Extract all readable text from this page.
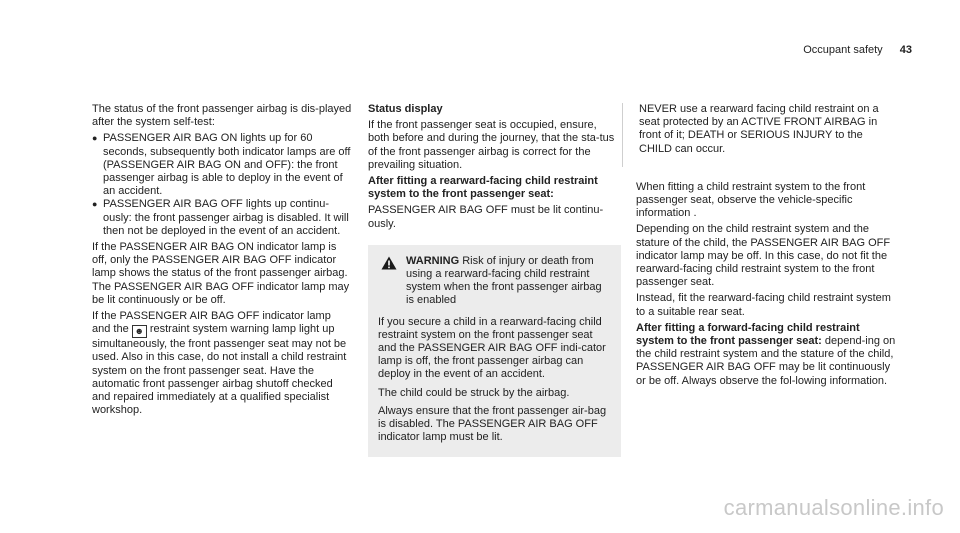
Occupant safety 43

The status of the front passenger airbag is dis-played after the system self-test:

● PASSENGER AIR BAG ON lights up for 60 seconds, subsequently both indicator lamps are off (PASSENGER AIR BAG ON and OFF): the front passenger airbag is able to deploy in the event of an accident.
● PASSENGER AIR BAG OFF lights up continu-ously: the front passenger airbag is disabled. It will then not be deployed in the event of an accident.

If the PASSENGER AIR BAG ON indicator lamp is off, only the PASSENGER AIR BAG OFF indicator lamp shows the status of the front passenger airbag. The PASSENGER AIR BAG OFF indicator lamp may be lit continuously or be off.

If the PASSENGER AIR BAG OFF indicator lamp and the ☻ restraint system warning lamp light up simultaneously, the front passenger seat may not be used. Also in this case, do not install a child restraint system on the front passenger seat. Have the automatic front passenger airbag shutoff checked and repaired immediately at a qualified specialist workshop.

Status display

If the front passenger seat is occupied, ensure, both before and during the journey, that the sta-tus of the front passenger airbag is correct for the prevailing situation.

After fitting a rearward-facing child restraint system to the front passenger seat:

PASSENGER AIR BAG OFF must be lit continu-ously.

WARNING Risk of injury or death from using a rearward-facing child restraint system when the front passenger airbag is enabled

If you secure a child in a rearward-facing child restraint system on the front passenger seat and the PASSENGER AIR BAG OFF indi-cator lamp is off, the front passenger airbag can deploy in the event of an accident.

The child could be struck by the airbag.

Always ensure that the front passenger air-bag is disabled. The PASSENGER AIR BAG OFF indicator lamp must be lit.

NEVER use a rearward facing child restraint on a seat protected by an ACTIVE FRONT AIRBAG in front of it; DEATH or SERIOUS INJURY to the CHILD can occur.

When fitting a child restraint system to the front passenger seat, observe the vehicle-specific information .

Depending on the child restraint system and the stature of the child, the PASSENGER AIR BAG OFF indicator lamp may be off. In this case, do not fit the rearward-facing child restraint system to the front passenger seat.

Instead, fit the rearward-facing child restraint system to a suitable rear seat.

After fitting a forward-facing child restraint system to the front passenger seat: depend-ing on the child restraint system and the stature of the child, PASSENGER AIR BAG OFF may be lit continuously or be off. Always observe the fol-lowing information.

carmanualsonline.info
